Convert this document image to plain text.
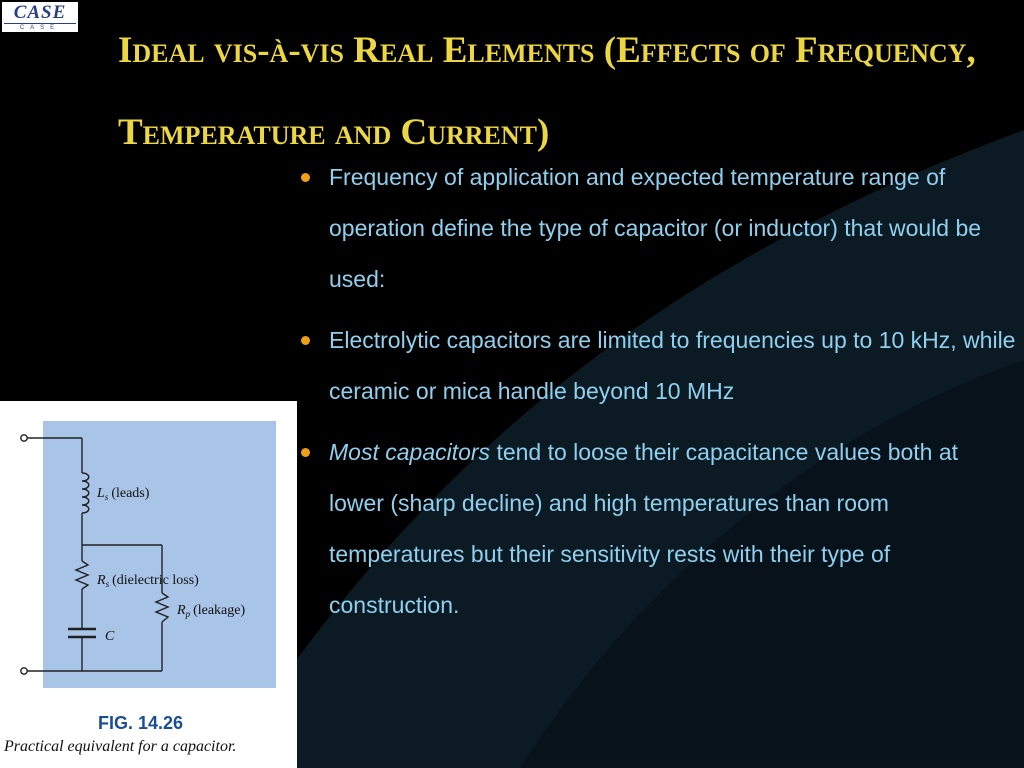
CASE
CASE
Ideal vis-à-vis Real Elements (Effects of Frequency, Temperature and Current)
Frequency of application and expected temperature range of operation define the type of capacitor (or inductor) that would be used:
Electrolytic capacitors are limited to frequencies up to 10 kHz, while ceramic or mica handle beyond 10 MHz
Most capacitors tend to loose their capacitance values both at lower (sharp decline) and high temperatures than room temperatures but their sensitivity rests with their type of construction.
$L_s$ (leads)
$R_s$ (dielectric loss)
$R_p$ (leakage)
C
FIG. 14.26
Practical equivalent for a capacitor.
